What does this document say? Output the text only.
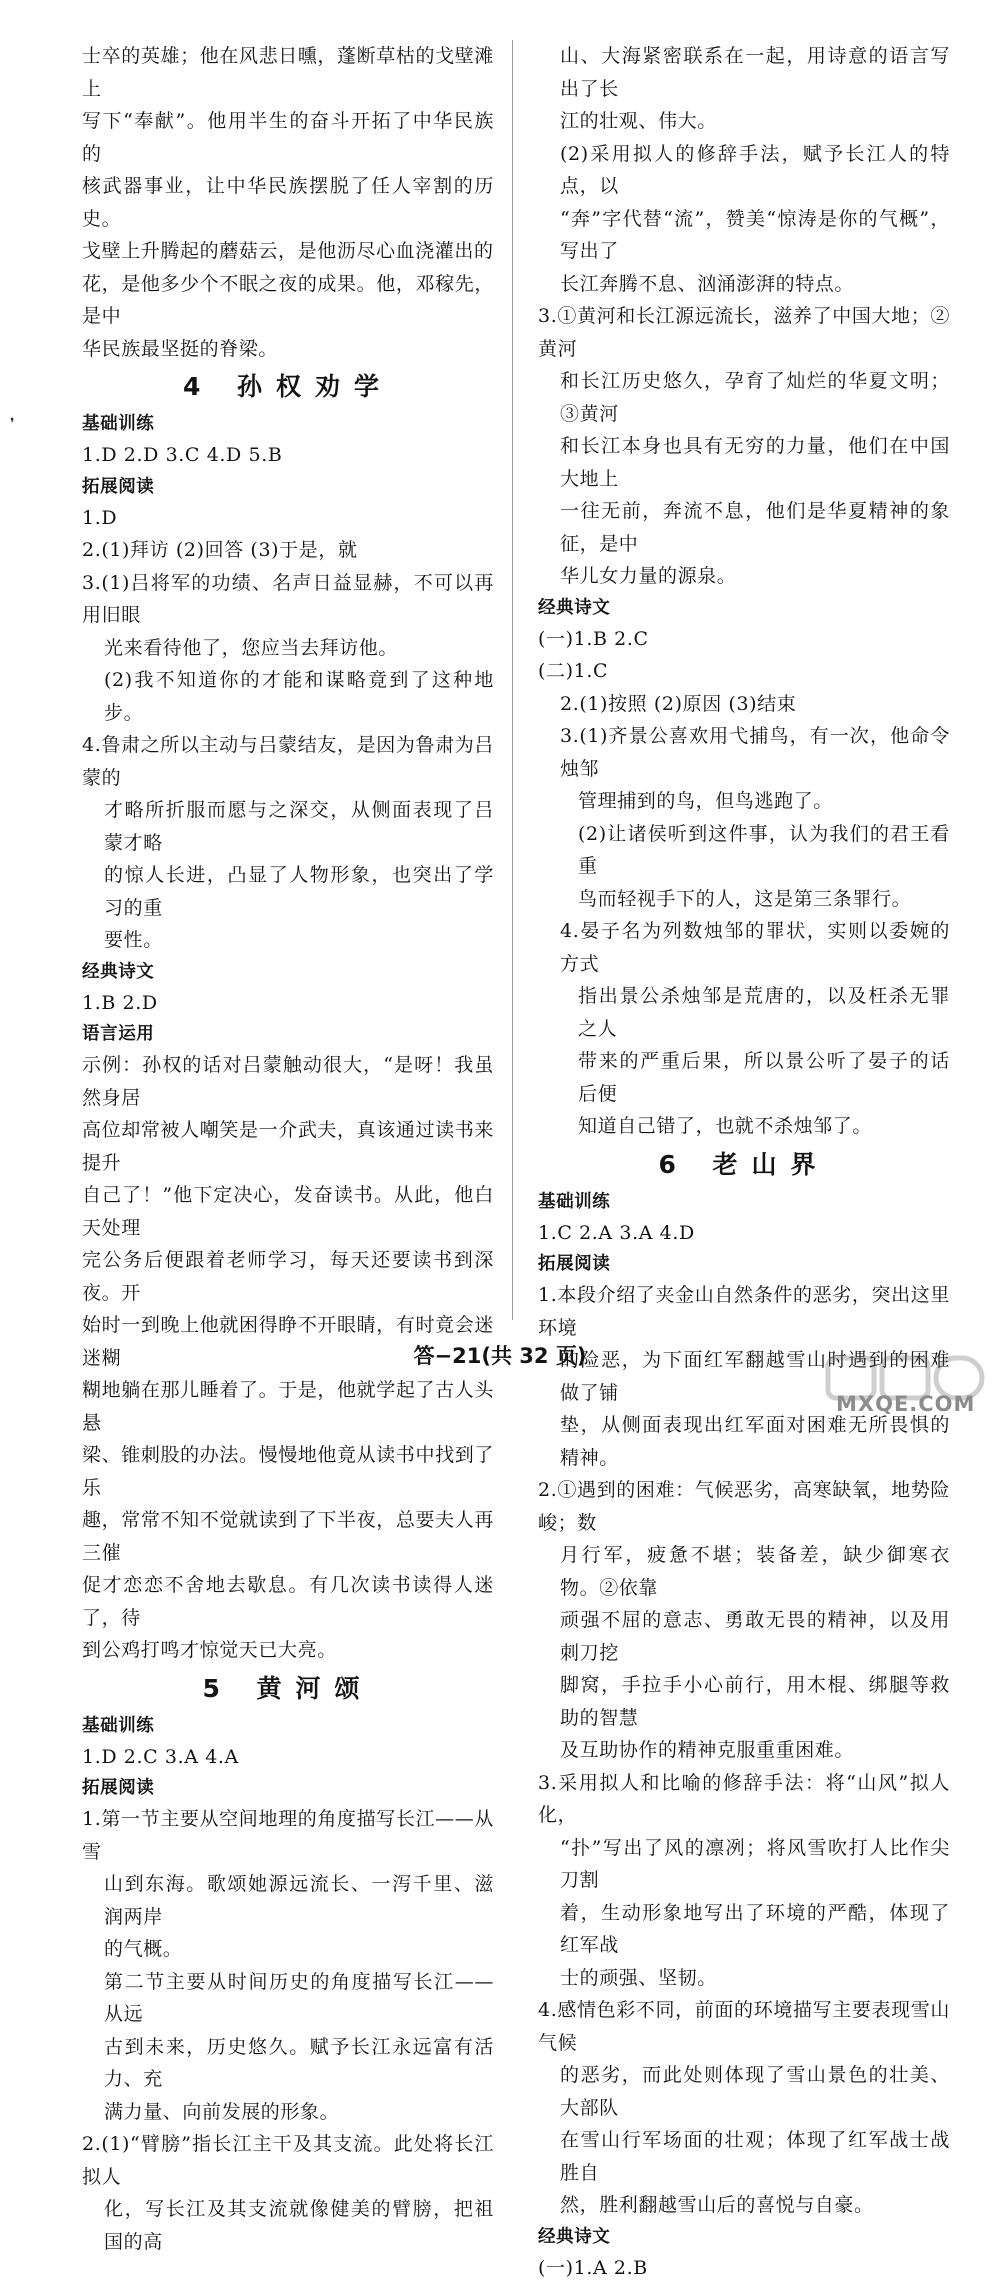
❜

士卒的英雄；他在风悲日曛，蓬断草枯的戈壁滩上

写下“奉献”。他用半生的奋斗开拓了中华民族的

核武器事业，让中华民族摆脱了任人宰割的历史。

戈壁上升腾起的蘑菇云，是他沥尽心血浇灌出的

花，是他多少个不眠之夜的成果。他，邓稼先，是中

华民族最坚挺的脊梁。

4 孙权劝学

基础训练

1.D 2.D 3.C 4.D 5.B

拓展阅读

1.D

2.(1)拜访 (2)回答 (3)于是，就

3.(1)吕将军的功绩、名声日益显赫，不可以再用旧眼

光来看待他了，您应当去拜访他。

(2)我不知道你的才能和谋略竟到了这种地步。

4.鲁肃之所以主动与吕蒙结友，是因为鲁肃为吕蒙的

才略所折服而愿与之深交，从侧面表现了吕蒙才略

的惊人长进，凸显了人物形象，也突出了学习的重

要性。

经典诗文

1.B 2.D

语言运用

示例：孙权的话对吕蒙触动很大，“是呀！我虽然身居

高位却常被人嘲笑是一介武夫，真该通过读书来提升

自己了！”他下定决心，发奋读书。从此，他白天处理

完公务后便跟着老师学习，每天还要读书到深夜。开

始时一到晚上他就困得睁不开眼睛，有时竟会迷迷糊

糊地躺在那儿睡着了。于是，他就学起了古人头悬

梁、锥刺股的办法。慢慢地他竟从读书中找到了乐

趣，常常不知不觉就读到了下半夜，总要夫人再三催

促才恋恋不舍地去歇息。有几次读书读得人迷了，待

到公鸡打鸣才惊觉天已大亮。

5 黄河颂

基础训练

1.D 2.C 3.A 4.A

拓展阅读

1.第一节主要从空间地理的角度描写长江——从雪

山到东海。歌颂她源远流长、一泻千里、滋润两岸

的气概。

第二节主要从时间历史的角度描写长江——从远

古到未来，历史悠久。赋予长江永远富有活力、充

满力量、向前发展的形象。

2.(1)“臂膀”指长江主干及其支流。此处将长江拟人

化，写长江及其支流就像健美的臂膀，把祖国的高

山、大海紧密联系在一起，用诗意的语言写出了长

江的壮观、伟大。

(2)采用拟人的修辞手法，赋予长江人的特点，以

“奔”字代替“流”，赞美“惊涛是你的气概”，写出了

长江奔腾不息、汹涌澎湃的特点。

3.①黄河和长江源远流长，滋养了中国大地；②黄河

和长江历史悠久，孕育了灿烂的华夏文明；③黄河

和长江本身也具有无穷的力量，他们在中国大地上

一往无前，奔流不息，他们是华夏精神的象征，是中

华儿女力量的源泉。

经典诗文

(一)1.B 2.C

(二)1.C

2.(1)按照 (2)原因 (3)结束

3.(1)齐景公喜欢用弋捕鸟，有一次，他命令烛邹

管理捕到的鸟，但鸟逃跑了。

(2)让诸侯听到这件事，认为我们的君王看重

鸟而轻视手下的人，这是第三条罪行。

4.晏子名为列数烛邹的罪状，实则以委婉的方式

指出景公杀烛邹是荒唐的，以及枉杀无罪之人

带来的严重后果，所以景公听了晏子的话后便

知道自己错了，也就不杀烛邹了。

6 老山界

基础训练

1.C 2.A 3.A 4.D

拓展阅读

1.本段介绍了夹金山自然条件的恶劣，突出这里环境

的险恶，为下面红军翻越雪山时遇到的困难做了铺

垫，从侧面表现出红军面对困难无所畏惧的精神。

2.①遇到的困难：气候恶劣，高寒缺氧，地势险峻；数

月行军，疲惫不堪；装备差，缺少御寒衣物。②依靠

顽强不屈的意志、勇敢无畏的精神，以及用刺刀挖

脚窝，手拉手小心前行，用木棍、绑腿等救助的智慧

及互助协作的精神克服重重困难。

3.采用拟人和比喻的修辞手法：将“山风”拟人化，

“扑”写出了风的凛冽；将风雪吹打人比作尖刀割

着，生动形象地写出了环境的严酷，体现了红军战

士的顽强、坚韧。

4.感情色彩不同，前面的环境描写主要表现雪山气候

的恶劣，而此处则体现了雪山景色的壮美、大部队

在雪山行军场面的壮观；体现了红军战士战胜自

然，胜利翻越雪山后的喜悦与自豪。

经典诗文

(一)1.A 2.B

答−21(共 32 页)
MXQE.COM
